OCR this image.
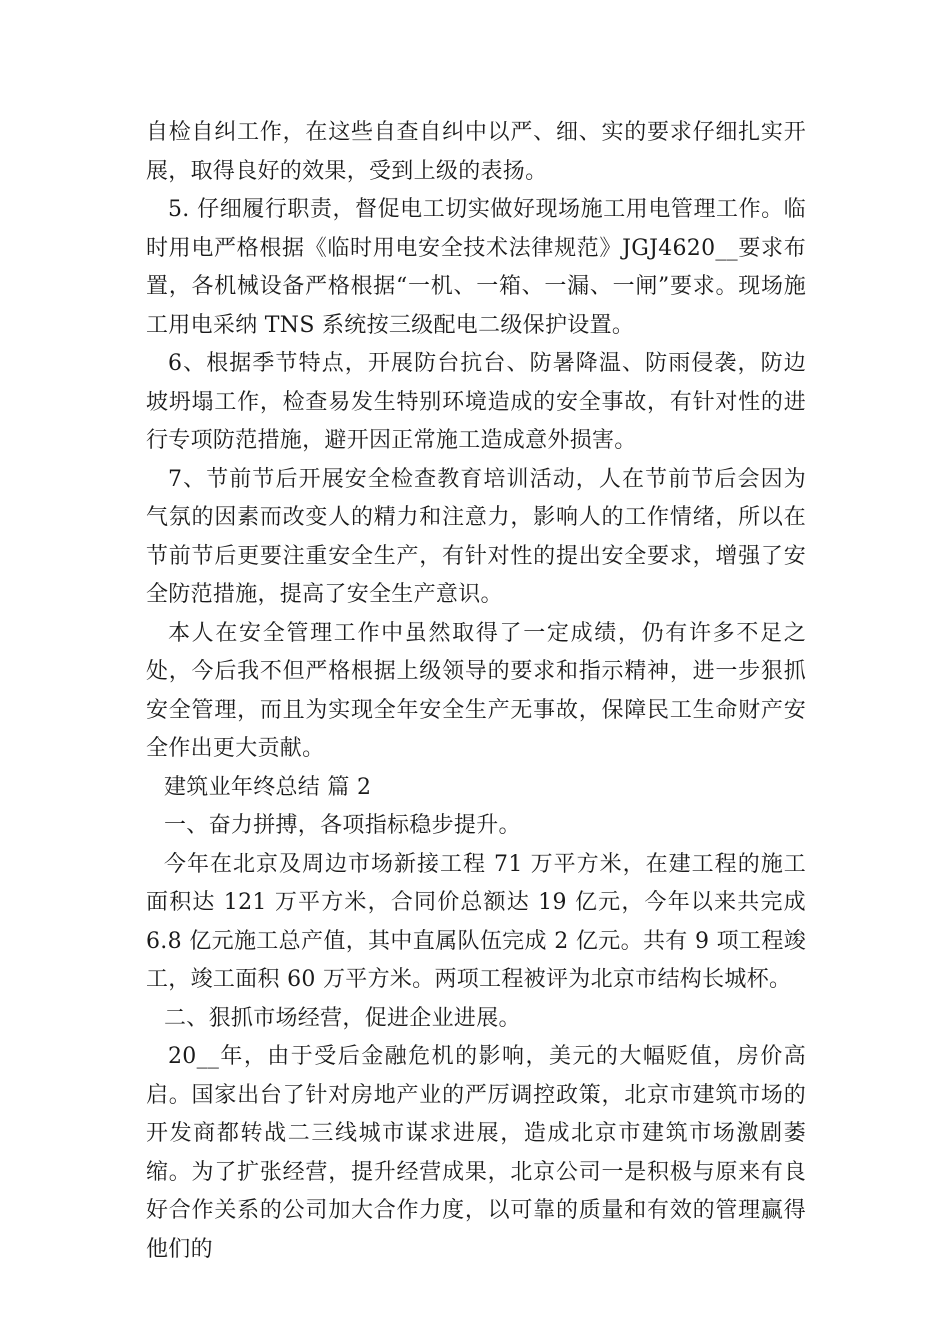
自检自纠工作，在这些自查自纠中以严、细、实的要求仔细扎实开展，取得良好的效果，受到上级的表扬。

5. 仔细履行职责，督促电工切实做好现场施工用电管理工作。临时用电严格根据《临时用电安全技术法律规范》JGJ4620__要求布置，各机械设备严格根据“一机、一箱、一漏、一闸”要求。现场施工用电采纳 TNS 系统按三级配电二级保护设置。

6、根据季节特点，开展防台抗台、防暑降温、防雨侵袭，防边坡坍塌工作，检查易发生特别环境造成的安全事故，有针对性的进行专项防范措施，避开因正常施工造成意外损害。

7、节前节后开展安全检查教育培训活动，人在节前节后会因为气氛的因素而改变人的精力和注意力，影响人的工作情绪，所以在节前节后更要注重安全生产，有针对性的提出安全要求，增强了安全防范措施，提高了安全生产意识。

本人在安全管理工作中虽然取得了一定成绩，仍有许多不足之处，今后我不但严格根据上级领导的要求和指示精神，进一步狠抓安全管理，而且为实现全年安全生产无事故，保障民工生命财产安全作出更大贡献。

建筑业年终总结 篇 2

一、奋力拼搏，各项指标稳步提升。

今年在北京及周边市场新接工程 71 万平方米，在建工程的施工面积达 121 万平方米，合同价总额达 19 亿元，今年以来共完成 6.8 亿元施工总产值，其中直属队伍完成 2 亿元。共有 9 项工程竣工，竣工面积 60 万平方米。两项工程被评为北京市结构长城杯。

二、狠抓市场经营，促进企业进展。

20__年，由于受后金融危机的影响，美元的大幅贬值，房价高启。国家出台了针对房地产业的严厉调控政策，北京市建筑市场的开发商都转战二三线城市谋求进展，造成北京市建筑市场激剧萎缩。为了扩张经营，提升经营成果，北京公司一是积极与原来有良好合作关系的公司加大合作力度，以可靠的质量和有效的管理赢得他们的
